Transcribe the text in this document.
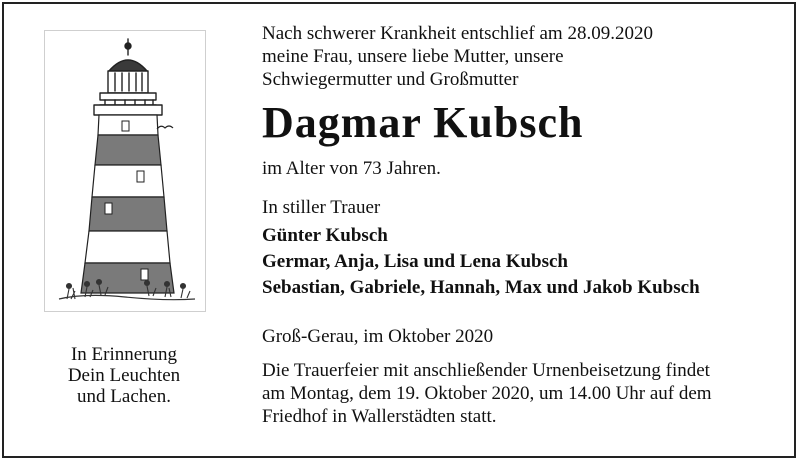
In Erinnerung
Dein Leuchten
und Lachen.
Nach schwerer Krankheit entschlief am 28.09.2020
meine Frau, unsere liebe Mutter, unsere
Schwiegermutter und Großmutter
Dagmar Kubsch
im Alter von 73 Jahren.
In stiller Trauer
Günter Kubsch
Germar, Anja, Lisa und Lena Kubsch
Sebastian, Gabriele, Hannah, Max und Jakob Kubsch
Groß-Gerau, im Oktober 2020
Die Trauerfeier mit anschließender Urnenbeisetzung findet
am Montag, dem 19. Oktober 2020, um 14.00 Uhr auf dem
Friedhof in Wallerstädten statt.
